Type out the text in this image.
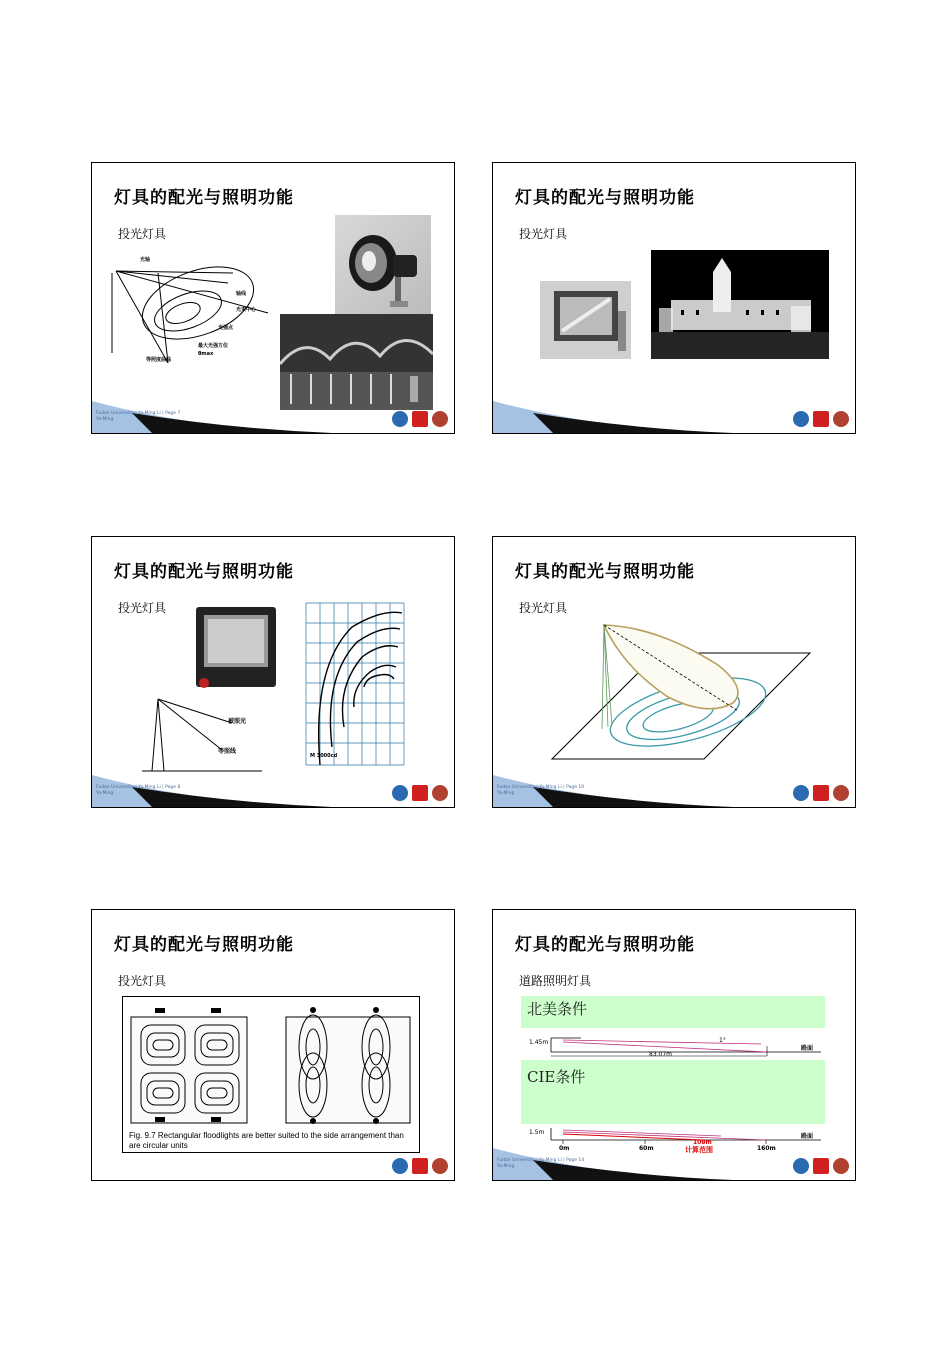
灯具的配光与照明功能
投光灯具
光轴
轴线
光束中心
光强点
最大光强方位
θmax
等照度曲线
Fudan University | Ya-Ming Li | Page 7
Ya-Ming
灯具的配光与照明功能
投光灯具
灯具的配光与照明功能
投光灯具
被照光
等照线
M 3000cd
Fudan University | Ya-Ming Li | Page 8
Ya-Ming
灯具的配光与照明功能
投光灯具
Fudan University | Ya-Ming Li | Page 10
Ya-Ming
灯具的配光与照明功能
投光灯具
Fig. 9.7 Rectangular floodlights are better suited to the side arrangement than are circular units
灯具的配光与照明功能
道路照明灯具
北美条件
1.45m
83.07m
1°
路面
CIE条件
1.5m
0m	60m
100m
160m
计算范围
路面
Fudan University | Ya-Ming Li | Page 14
Ya-Ming
